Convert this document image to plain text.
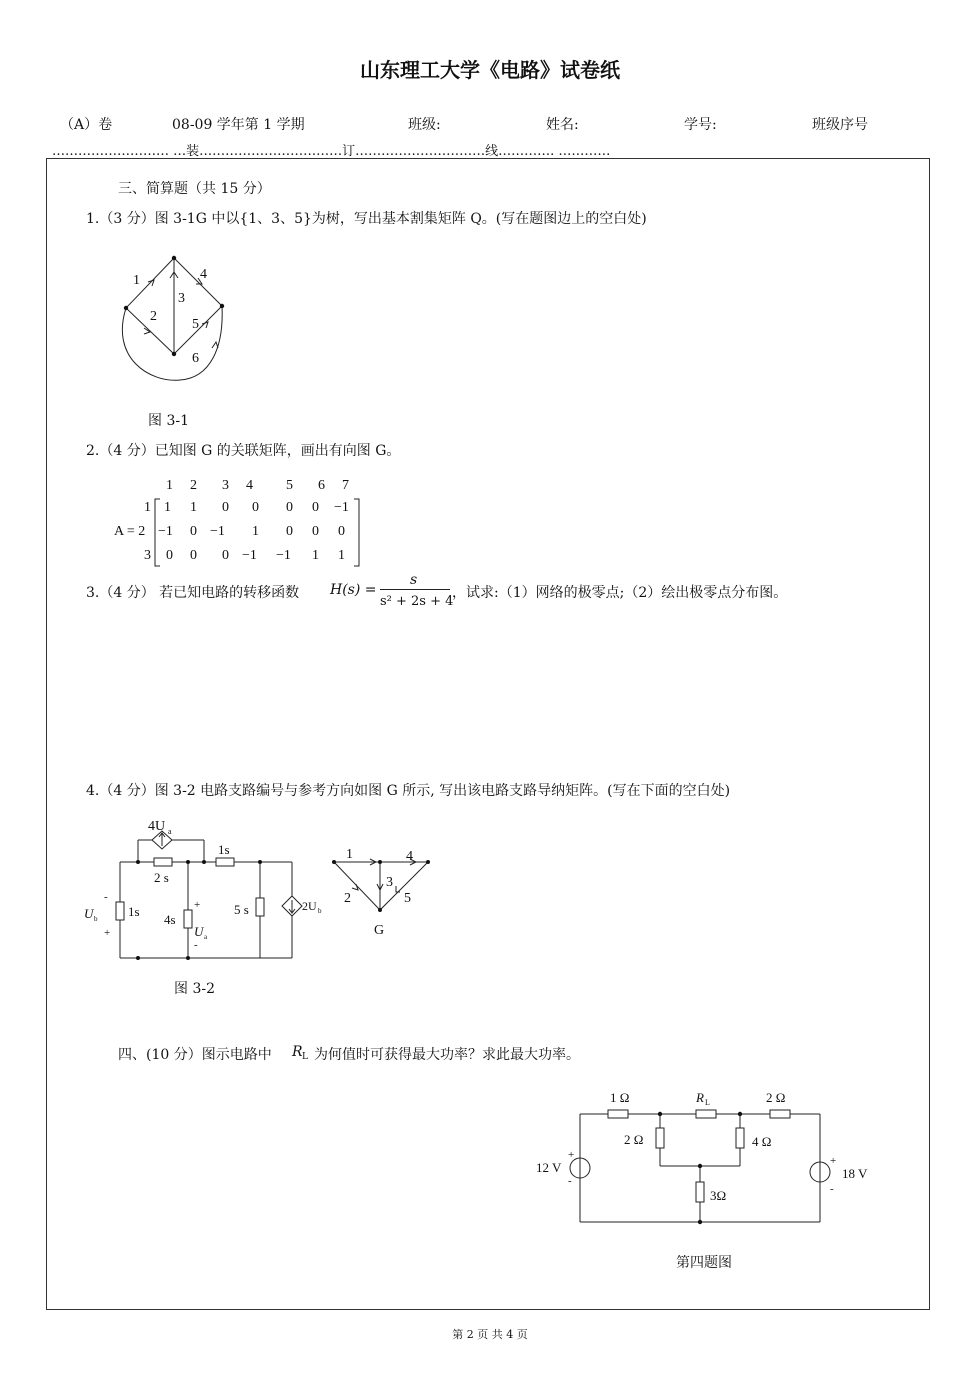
山东理工大学《电路》试卷纸
（A）卷	08-09 学年第 1 学期	班级:	姓名:	学号:	班级序号
……………………… …装……………………………订…………………………线…………. …………
三、简算题（共 15 分）
1.（3 分）图 3-1G 中以{1、3、5}为树，写出基本割集矩阵 Q。(写在题图边上的空白处)
1
2
3
4
5
6
图 3-1
2.（4 分）已知图 G 的关联矩阵，画出有向图 G。
1 2 3 4 5 6 7
1
A = 2
3
1 1 0 0 0 0 −1
−1 0 −1 1 0 0 0
0 0 0 −1 −1 1 1
3.（4 分） 若已知电路的转移函数 H(s) =
s
s² + 2s + 4
，试求:（1）网络的极零点;（2）绘出极零点分布图。
4.（4 分）图 3-2 电路支路编号与参考方向如图 G 所示, 写出该电路支路导纳矩阵。(写在下面的空白处)
4U a
2 s
1s
1s
U b
-
+
4s
+
U a
-
5 s	2U b
1	4
2
3
5
G
图 3-2
四、(10 分）图示电路中 R L 为何值时可获得最大功率？求此最大功率。
1 Ω	R L	2 Ω
2 Ω	4 Ω
3Ω
12 V
+
-	18 V
+
-
第四题图
第 2 页 共 4 页
